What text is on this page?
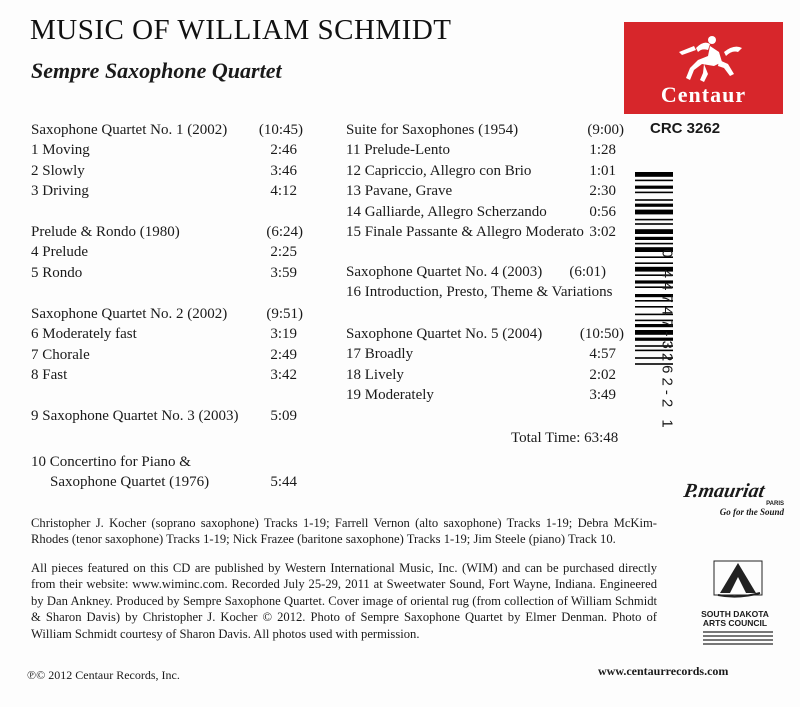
MUSIC OF WILLIAM SCHMIDT
Sempre Saxophone Quartet
Centaur
CRC 3262
Saxophone Quartet No. 1 (2002) (10:45)
1 Moving	2:46
2 Slowly	3:46
3 Driving	4:12
Prelude & Rondo (1980)	(6:24)
4 Prelude	2:25
5 Rondo	3:59
Saxophone Quartet No. 2 (2002)	(9:51)
6 Moderately fast	3:19
7 Chorale	2:49
8 Fast	3:42
9 Saxophone Quartet No. 3 (2003) 5:09
10 Concertino for Piano &
Saxophone Quartet (1976)	5:44
Suite for Saxophones (1954)	(9:00)
11 Prelude-Lento	1:28
12 Capriccio, Allegro con Brio	1:01
13 Pavane, Grave	2:30
14 Galliarde, Allegro Scherzando	0:56
15 Finale Passante & Allegro Moderato 3:02
Saxophone Quartet No. 4 (2003) (6:01)
16 Introduction, Presto, Theme & Variations
Saxophone Quartet No. 5 (2004)	(10:50)
17 Broadly	4:57
18 Lively	2:02
19 Moderately	3:49
Total Time: 63:48
0 44747-3262-2 1
Christopher J. Kocher (soprano saxophone) Tracks 1-19; Farrell Vernon (alto saxophone) Tracks 1-19; Debra McKim-Rhodes (tenor saxophone) Tracks 1-19; Nick Frazee (baritone saxophone) Tracks 1-19; Jim Steele (piano) Track 10.
All pieces featured on this CD are published by Western International Music, Inc. (WIM) and can be purchased directly from their website: www.wiminc.com. Recorded July 25-29, 2011 at Sweetwater Sound, Fort Wayne, Indiana. Engineered by Dan Ankney. Produced by Sempre Saxophone Quartet. Cover image of oriental rug (from collection of William Schmidt & Sharon Davis) by Christopher J. Kocher © 2012. Photo of Sempre Saxophone Quartet by Elmer Denman. Photo of William Schmidt courtesy of Sharon Davis. All photos used with permission.
℗© 2012 Centaur Records, Inc.	www.centaurrecords.com
P.mauriat
PARIS
Go for the Sound
SOUTH DAKOTA ARTS COUNCIL
